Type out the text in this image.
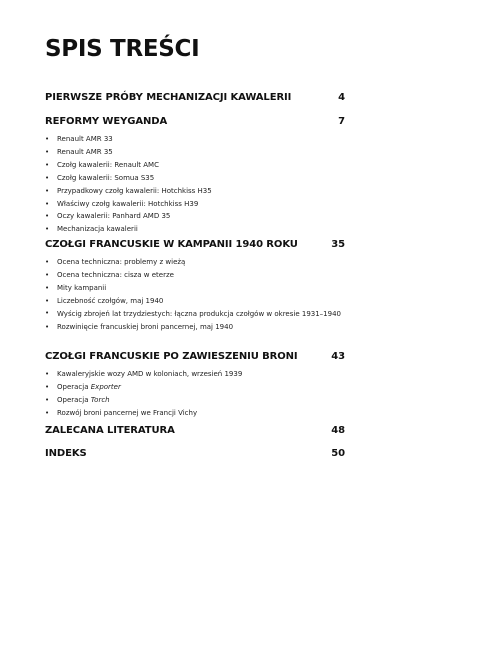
SPIS TREŚCI
PIERWSZE PRÓBY MECHANIZACJI KAWALERII	4
REFORMY WEYGANDA	7
• Renault AMR 33
• Renault AMR 35
• Czołg kawalerii: Renault AMC
• Czołg kawalerii: Somua S35
• Przypadkowy czołg kawalerii: Hotchkiss H35
• Właściwy czołg kawalerii: Hotchkiss H39
• Oczy kawalerii: Panhard AMD 35
• Mechanizacja kawalerii
CZOŁGI FRANCUSKIE W KAMPANII 1940 ROKU	35
• Ocena techniczna: problemy z wieżą
• Ocena techniczna: cisza w eterze
• Mity kampanii
• Liczebność czołgów, maj 1940
• Wyścig zbrojeń lat trzydziestych: łączna produkcja czołgów w okresie 1931–1940
• Rozwinięcie francuskiej broni pancernej, maj 1940
CZOŁGI FRANCUSKIE PO ZAWIESZENIU BRONI	43
• Kawaleryjskie wozy AMD w koloniach, wrzesień 1939
• Operacja Exporter
• Operacja Torch
• Rozwój broni pancernej we Francji Vichy
ZALECANA LITERATURA	48
INDEKS	50
